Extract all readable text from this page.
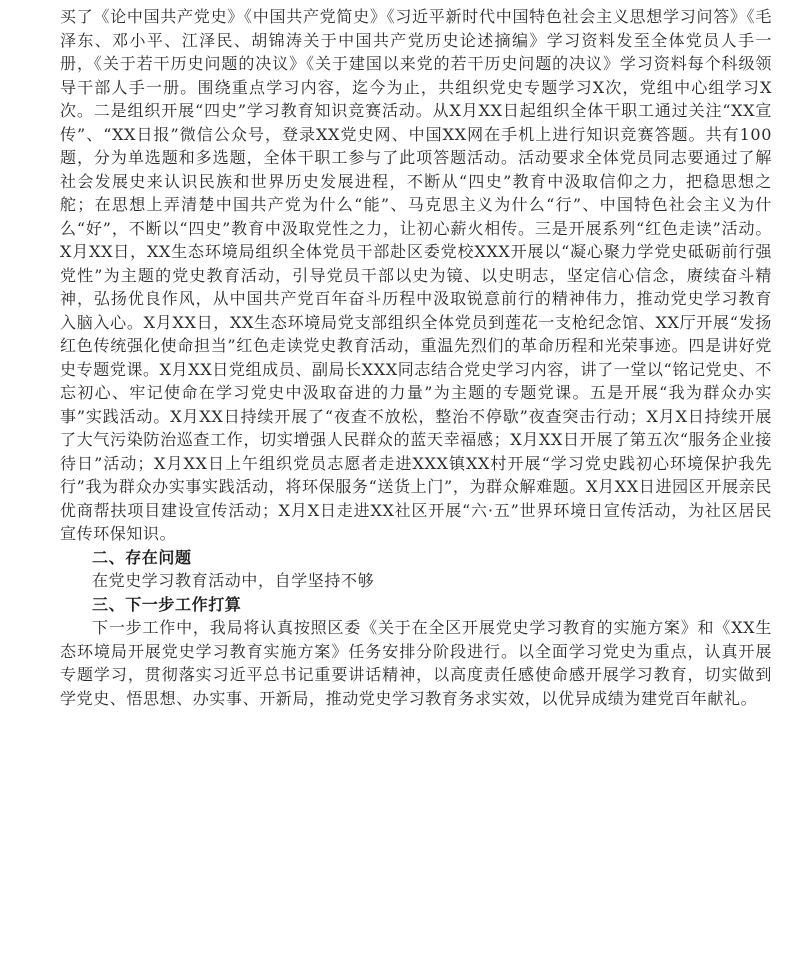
买了《论中国共产党史》《中国共产党简史》《习近平新时代中国特色社会主义思想学习问答》《毛泽东、邓小平、江泽民、胡锦涛关于中国共产党历史论述摘编》学习资料发至全体党员人手一册，《关于若干历史问题的决议》《关于建国以来党的若干历史问题的决议》学习资料每个科级领导干部人手一册。围绕重点学习内容，迄今为止，共组织党史专题学习X次，党组中心组学习X次。二是组织开展“四史”学习教育知识竞赛活动。从X月XX日起组织全体干职工通过关注“XX宣传”、“XX日报”微信公众号，登录XX党史网、中国XX网在手机上进行知识竞赛答题。共有100题，分为单选题和多选题，全体干职工参与了此项答题活动。活动要求全体党员同志要通过了解社会发展史来认识民族和世界历史发展进程，不断从“四史”教育中汲取信仰之力，把稳思想之舵；在思想上弄清楚中国共产党为什么“能”、马克思主义为什么“行”、中国特色社会主义为什么“好”，不断以“四史”教育中汲取党性之力，让初心薪火相传。三是开展系列“红色走读”活动。X月XX日，XX生态环境局组织全体党员干部赴区委党校XXX开展以“凝心聚力学党史砥砺前行强党性”为主题的党史教育活动，引导党员干部以史为镜、以史明志，坚定信心信念，赓续奋斗精神，弘扬优良作风，从中国共产党百年奋斗历程中汲取锐意前行的精神伟力，推动党史学习教育入脑入心。X月XX日，XX生态环境局党支部组织全体党员到莲花一支枪纪念馆、XX厅开展“发扬红色传统强化使命担当”红色走读党史教育活动，重温先烈们的革命历程和光荣事迹。四是讲好党史专题党课。X月XX日党组成员、副局长XXX同志结合党史学习内容，讲了一堂以“铭记党史、不忘初心、牢记使命在学习党史中汲取奋进的力量”为主题的专题党课。五是开展“我为群众办实事”实践活动。X月XX日持续开展了“夜查不放松，整治不停歇”夜查突击行动；X月X日持续开展了大气污染防治巡查工作，切实增强人民群众的蓝天幸福感；X月XX日开展了第五次“服务企业接待日”活动；X月XX日上午组织党员志愿者走进XXX镇XX村开展“学习党史践初心环境保护我先行”我为群众办实事实践活动，将环保服务“送货上门”，为群众解难题。X月XX日进园区开展亲民优商帮扶项目建设宣传活动；X月X日走进XX社区开展“六·五”世界环境日宣传活动，为社区居民宣传环保知识。

二、存在问题

在党史学习教育活动中，自学坚持不够

三、下一步工作打算

下一步工作中，我局将认真按照区委《关于在全区开展党史学习教育的实施方案》和《XX生态环境局开展党史学习教育实施方案》任务安排分阶段进行。以全面学习党史为重点，认真开展专题学习，贯彻落实习近平总书记重要讲话精神，以高度责任感使命感开展学习教育，切实做到学党史、悟思想、办实事、开新局，推动党史学习教育务求实效，以优异成绩为建党百年献礼。
